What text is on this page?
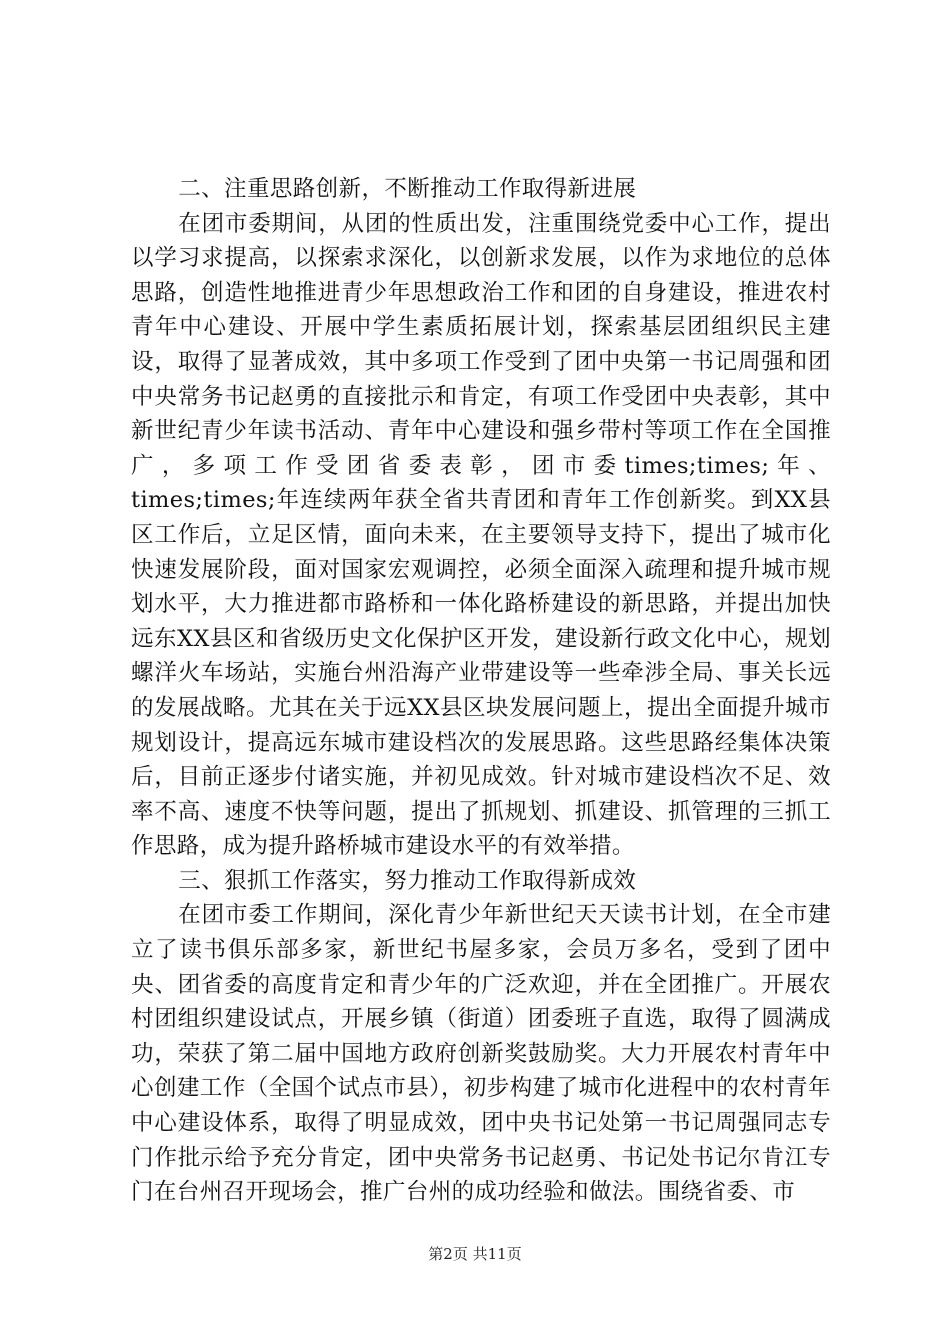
二、注重思路创新，不断推动工作取得新进展

在团市委期间，从团的性质出发，注重围绕党委中心工作，提出以学习求提高，以探索求深化，以创新求发展，以作为求地位的总体思路，创造性地推进青少年思想政治工作和团的自身建设，推进农村青年中心建设、开展中学生素质拓展计划，探索基层团组织民主建设，取得了显著成效，其中多项工作受到了团中央第一书记周强和团中央常务书记赵勇的直接批示和肯定，有项工作受团中央表彰，其中新世纪青少年读书活动、青年中心建设和强乡带村等项工作在全国推广，多项工作受团省委表彰，团市委times;times;年、times;times;年连续两年获全省共青团和青年工作创新奖。到XX县区工作后，立足区情，面向未来，在主要领导支持下，提出了城市化快速发展阶段，面对国家宏观调控，必须全面深入疏理和提升城市规划水平，大力推进都市路桥和一体化路桥建设的新思路，并提出加快远东XX县区和省级历史文化保护区开发，建设新行政文化中心，规划螺洋火车场站，实施台州沿海产业带建设等一些牵涉全局、事关长远的发展战略。尤其在关于远XX县区块发展问题上，提出全面提升城市规划设计，提高远东城市建设档次的发展思路。这些思路经集体决策后，目前正逐步付诸实施，并初见成效。针对城市建设档次不足、效率不高、速度不快等问题，提出了抓规划、抓建设、抓管理的三抓工作思路，成为提升路桥城市建设水平的有效举措。

三、狠抓工作落实，努力推动工作取得新成效

在团市委工作期间，深化青少年新世纪天天读书计划，在全市建立了读书俱乐部多家，新世纪书屋多家，会员万多名，受到了团中央、团省委的高度肯定和青少年的广泛欢迎，并在全团推广。开展农村团组织建设试点，开展乡镇（街道）团委班子直选，取得了圆满成功，荣获了第二届中国地方政府创新奖鼓励奖。大力开展农村青年中心创建工作（全国个试点市县），初步构建了城市化进程中的农村青年中心建设体系，取得了明显成效，团中央书记处第一书记周强同志专门作批示给予充分肯定，团中央常务书记赵勇、书记处书记尔肯江专门在台州召开现场会，推广台州的成功经验和做法。围绕省委、市

第2页 共11页
